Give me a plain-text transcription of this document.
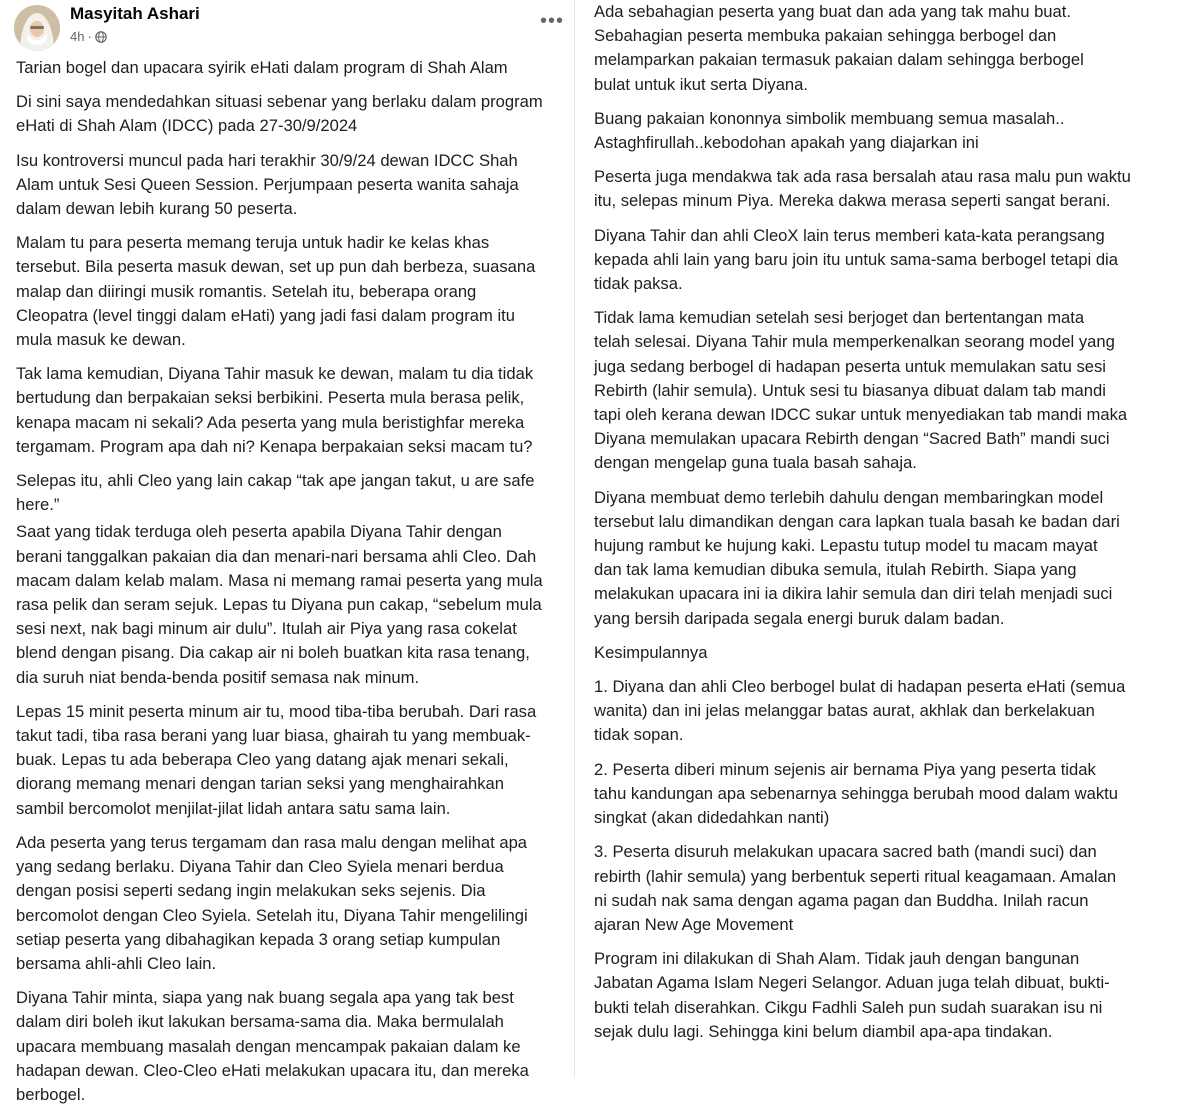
Masyitah Ashari
4h ·
•••
Tarian bogel dan upacara syirik eHati dalam program di Shah Alam
Di sini saya mendedahkan situasi sebenar yang berlaku dalam program
eHati di Shah Alam (IDCC) pada 27-30/9/2024
Isu kontroversi muncul pada hari terakhir 30/9/24 dewan IDCC Shah
Alam untuk Sesi Queen Session. Perjumpaan peserta wanita sahaja
dalam dewan lebih kurang 50 peserta.
Malam tu para peserta memang teruja untuk hadir ke kelas khas
tersebut. Bila peserta masuk dewan, set up pun dah berbeza, suasana
malap dan diiringi musik romantis. Setelah itu, beberapa orang
Cleopatra (level tinggi dalam eHati) yang jadi fasi dalam program itu
mula masuk ke dewan.
Tak lama kemudian, Diyana Tahir masuk ke dewan, malam tu dia tidak
bertudung dan berpakaian seksi berbikini. Peserta mula berasa pelik,
kenapa macam ni sekali? Ada peserta yang mula beristighfar mereka
tergamam. Program apa dah ni? Kenapa berpakaian seksi macam tu?
Selepas itu, ahli Cleo yang lain cakap “tak ape jangan takut, u are safe
here.”
Saat yang tidak terduga oleh peserta apabila Diyana Tahir dengan
berani tanggalkan pakaian dia dan menari-nari bersama ahli Cleo. Dah
macam dalam kelab malam. Masa ni memang ramai peserta yang mula
rasa pelik dan seram sejuk. Lepas tu Diyana pun cakap, “sebelum mula
sesi next, nak bagi minum air dulu”. Itulah air Piya yang rasa cokelat
blend dengan pisang. Dia cakap air ni boleh buatkan kita rasa tenang,
dia suruh niat benda-benda positif semasa nak minum.
Lepas 15 minit peserta minum air tu, mood tiba-tiba berubah. Dari rasa
takut tadi, tiba rasa berani yang luar biasa, ghairah tu yang membuak-
buak. Lepas tu ada beberapa Cleo yang datang ajak menari sekali,
diorang memang menari dengan tarian seksi yang menghairahkan
sambil bercomolot menjilat-jilat lidah antara satu sama lain.
Ada peserta yang terus tergamam dan rasa malu dengan melihat apa
yang sedang berlaku. Diyana Tahir dan Cleo Syiela menari berdua
dengan posisi seperti sedang ingin melakukan seks sejenis. Dia
bercomolot dengan Cleo Syiela. Setelah itu, Diyana Tahir mengelilingi
setiap peserta yang dibahagikan kepada 3 orang setiap kumpulan
bersama ahli-ahli Cleo lain.
Diyana Tahir minta, siapa yang nak buang segala apa yang tak best
dalam diri boleh ikut lakukan bersama-sama dia. Maka bermulalah
upacara membuang masalah dengan mencampak pakaian dalam ke
hadapan dewan. Cleo-Cleo eHati melakukan upacara itu, dan mereka
berbogel.
Ada sebahagian peserta yang buat dan ada yang tak mahu buat.
Sebahagian peserta membuka pakaian sehingga berbogel dan
melamparkan pakaian termasuk pakaian dalam sehingga berbogel
bulat untuk ikut serta Diyana.
Buang pakaian kononnya simbolik membuang semua masalah..
Astaghfirullah..kebodohan apakah yang diajarkan ini
Peserta juga mendakwa tak ada rasa bersalah atau rasa malu pun waktu
itu, selepas minum Piya. Mereka dakwa merasa seperti sangat berani.
Diyana Tahir dan ahli CleoX lain terus memberi kata-kata perangsang
kepada ahli lain yang baru join itu untuk sama-sama berbogel tetapi dia
tidak paksa.
Tidak lama kemudian setelah sesi berjoget dan bertentangan mata
telah selesai. Diyana Tahir mula memperkenalkan seorang model yang
juga sedang berbogel di hadapan peserta untuk memulakan satu sesi
Rebirth (lahir semula). Untuk sesi tu biasanya dibuat dalam tab mandi
tapi oleh kerana dewan IDCC sukar untuk menyediakan tab mandi maka
Diyana memulakan upacara Rebirth dengan “Sacred Bath” mandi suci
dengan mengelap guna tuala basah sahaja.
Diyana membuat demo terlebih dahulu dengan membaringkan model
tersebut lalu dimandikan dengan cara lapkan tuala basah ke badan dari
hujung rambut ke hujung kaki. Lepastu tutup model tu macam mayat
dan tak lama kemudian dibuka semula, itulah Rebirth. Siapa yang
melakukan upacara ini ia dikira lahir semula dan diri telah menjadi suci
yang bersih daripada segala energi buruk dalam badan.
Kesimpulannya
1. Diyana dan ahli Cleo berbogel bulat di hadapan peserta eHati (semua
wanita) dan ini jelas melanggar batas aurat, akhlak dan berkelakuan
tidak sopan.
2. Peserta diberi minum sejenis air bernama Piya yang peserta tidak
tahu kandungan apa sebenarnya sehingga berubah mood dalam waktu
singkat (akan didedahkan nanti)
3. Peserta disuruh melakukan upacara sacred bath (mandi suci) dan
rebirth (lahir semula) yang berbentuk seperti ritual keagamaan. Amalan
ni sudah nak sama dengan agama pagan dan Buddha. Inilah racun
ajaran New Age Movement
Program ini dilakukan di Shah Alam. Tidak jauh dengan bangunan
Jabatan Agama Islam Negeri Selangor. Aduan juga telah dibuat, bukti-
bukti telah diserahkan. Cikgu Fadhli Saleh pun sudah suarakan isu ni
sejak dulu lagi. Sehingga kini belum diambil apa-apa tindakan.
